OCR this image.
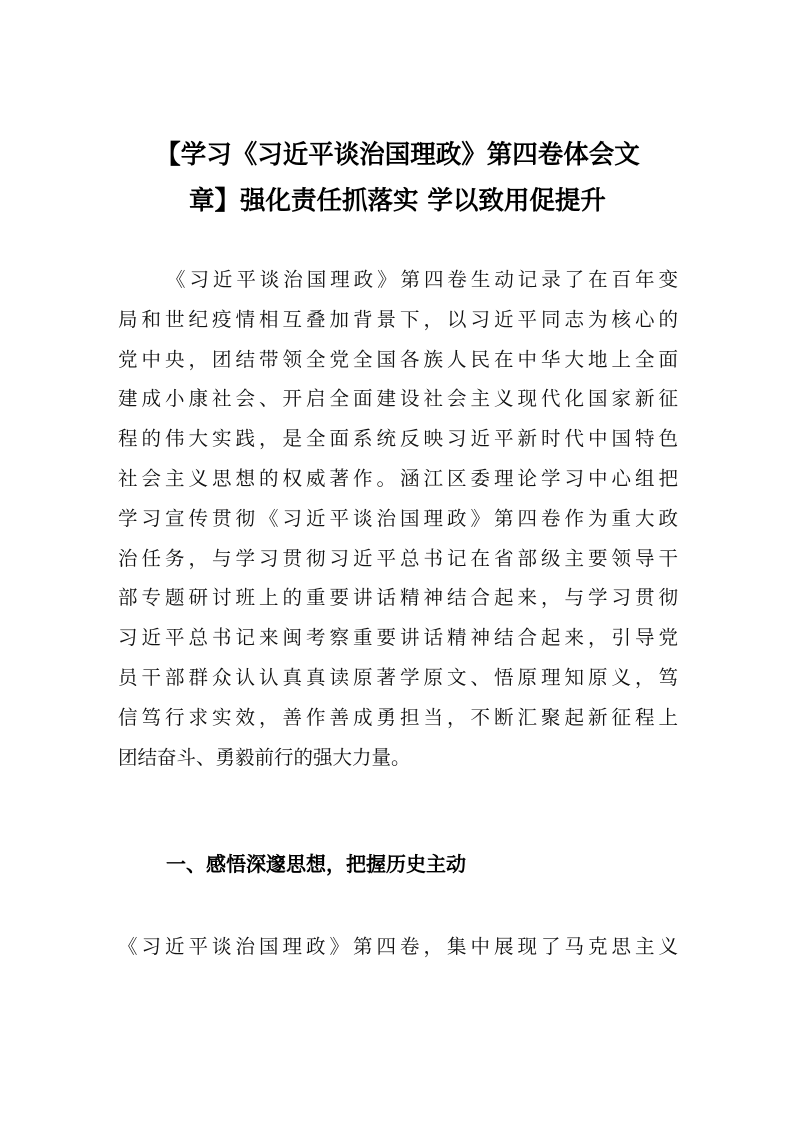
【学习《习近平谈治国理政》第四卷体会文
章】强化责任抓落实 学以致用促提升
《习近平谈治国理政》第四卷生动记录了在百年变
局和世纪疫情相互叠加背景下，以习近平同志为核心的
党中央，团结带领全党全国各族人民在中华大地上全面
建成小康社会、开启全面建设社会主义现代化国家新征
程的伟大实践，是全面系统反映习近平新时代中国特色
社会主义思想的权威著作。涵江区委理论学习中心组把
学习宣传贯彻《习近平谈治国理政》第四卷作为重大政
治任务，与学习贯彻习近平总书记在省部级主要领导干
部专题研讨班上的重要讲话精神结合起来，与学习贯彻
习近平总书记来闽考察重要讲话精神结合起来，引导党
员干部群众认认真真读原著学原文、悟原理知原义，笃
信笃行求实效，善作善成勇担当，不断汇聚起新征程上
团结奋斗、勇毅前行的强大力量。
一、感悟深邃思想，把握历史主动
《习近平谈治国理政》第四卷，集中展现了马克思主义
